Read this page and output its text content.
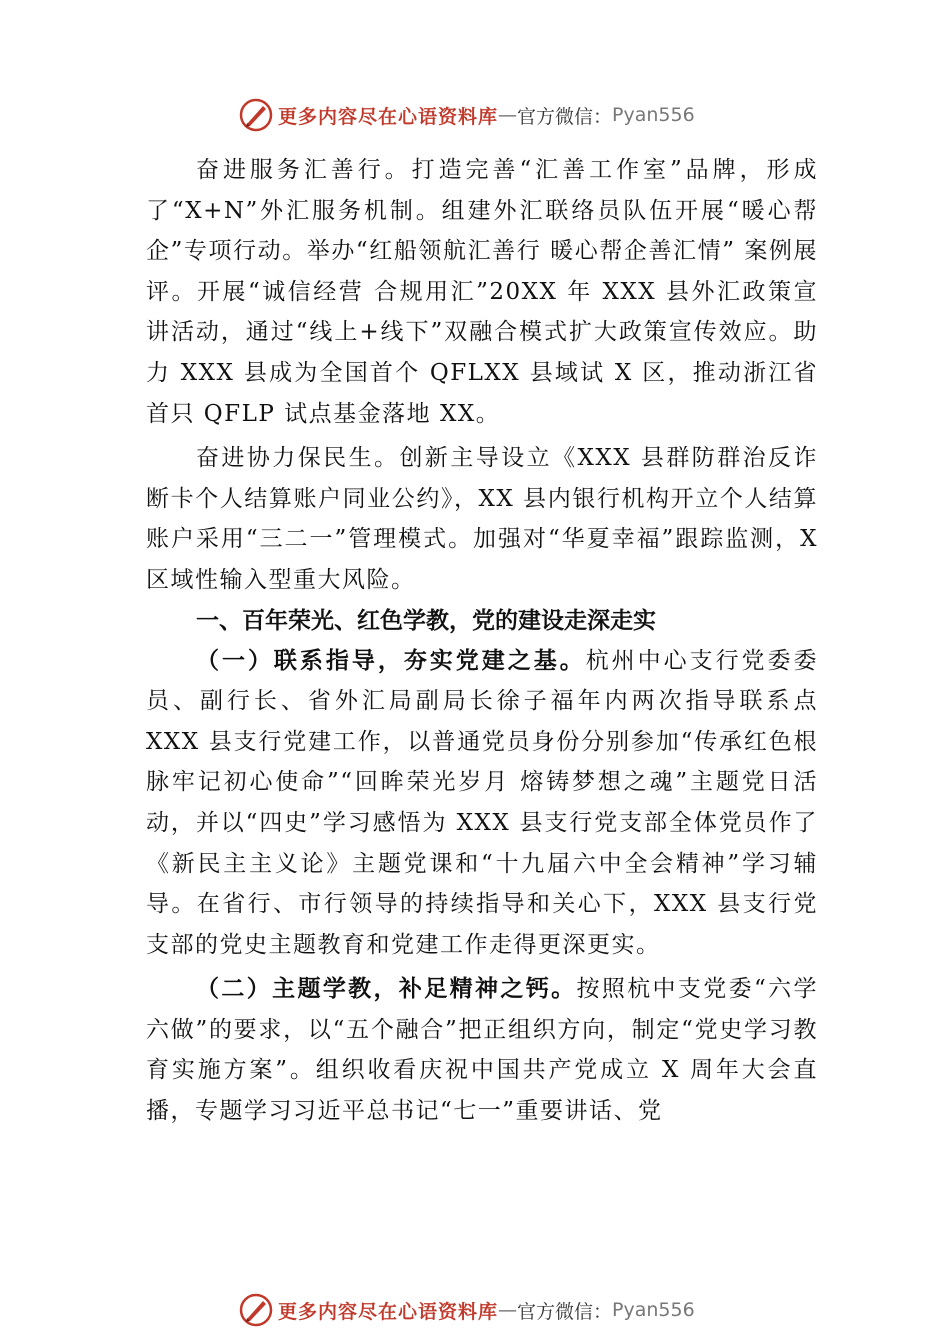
更多内容尽在心语资料库 — 官方微信： Pyan556

奋进服务汇善行。打造完善“汇善工作室”品牌，形成了“X+N”外汇服务机制。组建外汇联络员队伍开展“暖心帮企”专项行动。举办“红船领航汇善行 暖心帮企善汇情” 案例展评。开展“诚信经营 合规用汇”20XX 年 XXX 县外汇政策宣讲活动，通过“线上+线下”双融合模式扩大政策宣传效应。助力 XXX 县成为全国首个 QFLXX 县域试 X 区，推动浙江省首只 QFLP 试点基金落地 XX。

奋进协力保民生。创新主导设立《XXX 县群防群治反诈断卡个人结算账户同业公约》，XX 县内银行机构开立个人结算账户采用“三二一”管理模式。加强对“华夏幸福”跟踪监测，X 区域性输入型重大风险。

一、百年荣光、红色学教，党的建设走深走实

（一）联系指导，夯实党建之基。杭州中心支行党委委员、副行长、省外汇局副局长徐子福年内两次指导联系点 XXX 县支行党建工作，以普通党员身份分别参加“传承红色根脉牢记初心使命”“回眸荣光岁月 熔铸梦想之魂”主题党日活动，并以“四史”学习感悟为 XXX 县支行党支部全体党员作了《新民主主义论》主题党课和“十九届六中全会精神”学习辅导。在省行、市行领导的持续指导和关心下，XXX 县支行党支部的党史主题教育和党建工作走得更深更实。

（二）主题学教，补足精神之钙。按照杭中支党委“六学六做”的要求，以“五个融合”把正组织方向，制定“党史学习教育实施方案”。组织收看庆祝中国共产党成立 X 周年大会直播，专题学习习近平总书记“七一”重要讲话、党

更多内容尽在心语资料库 — 官方微信： Pyan556
